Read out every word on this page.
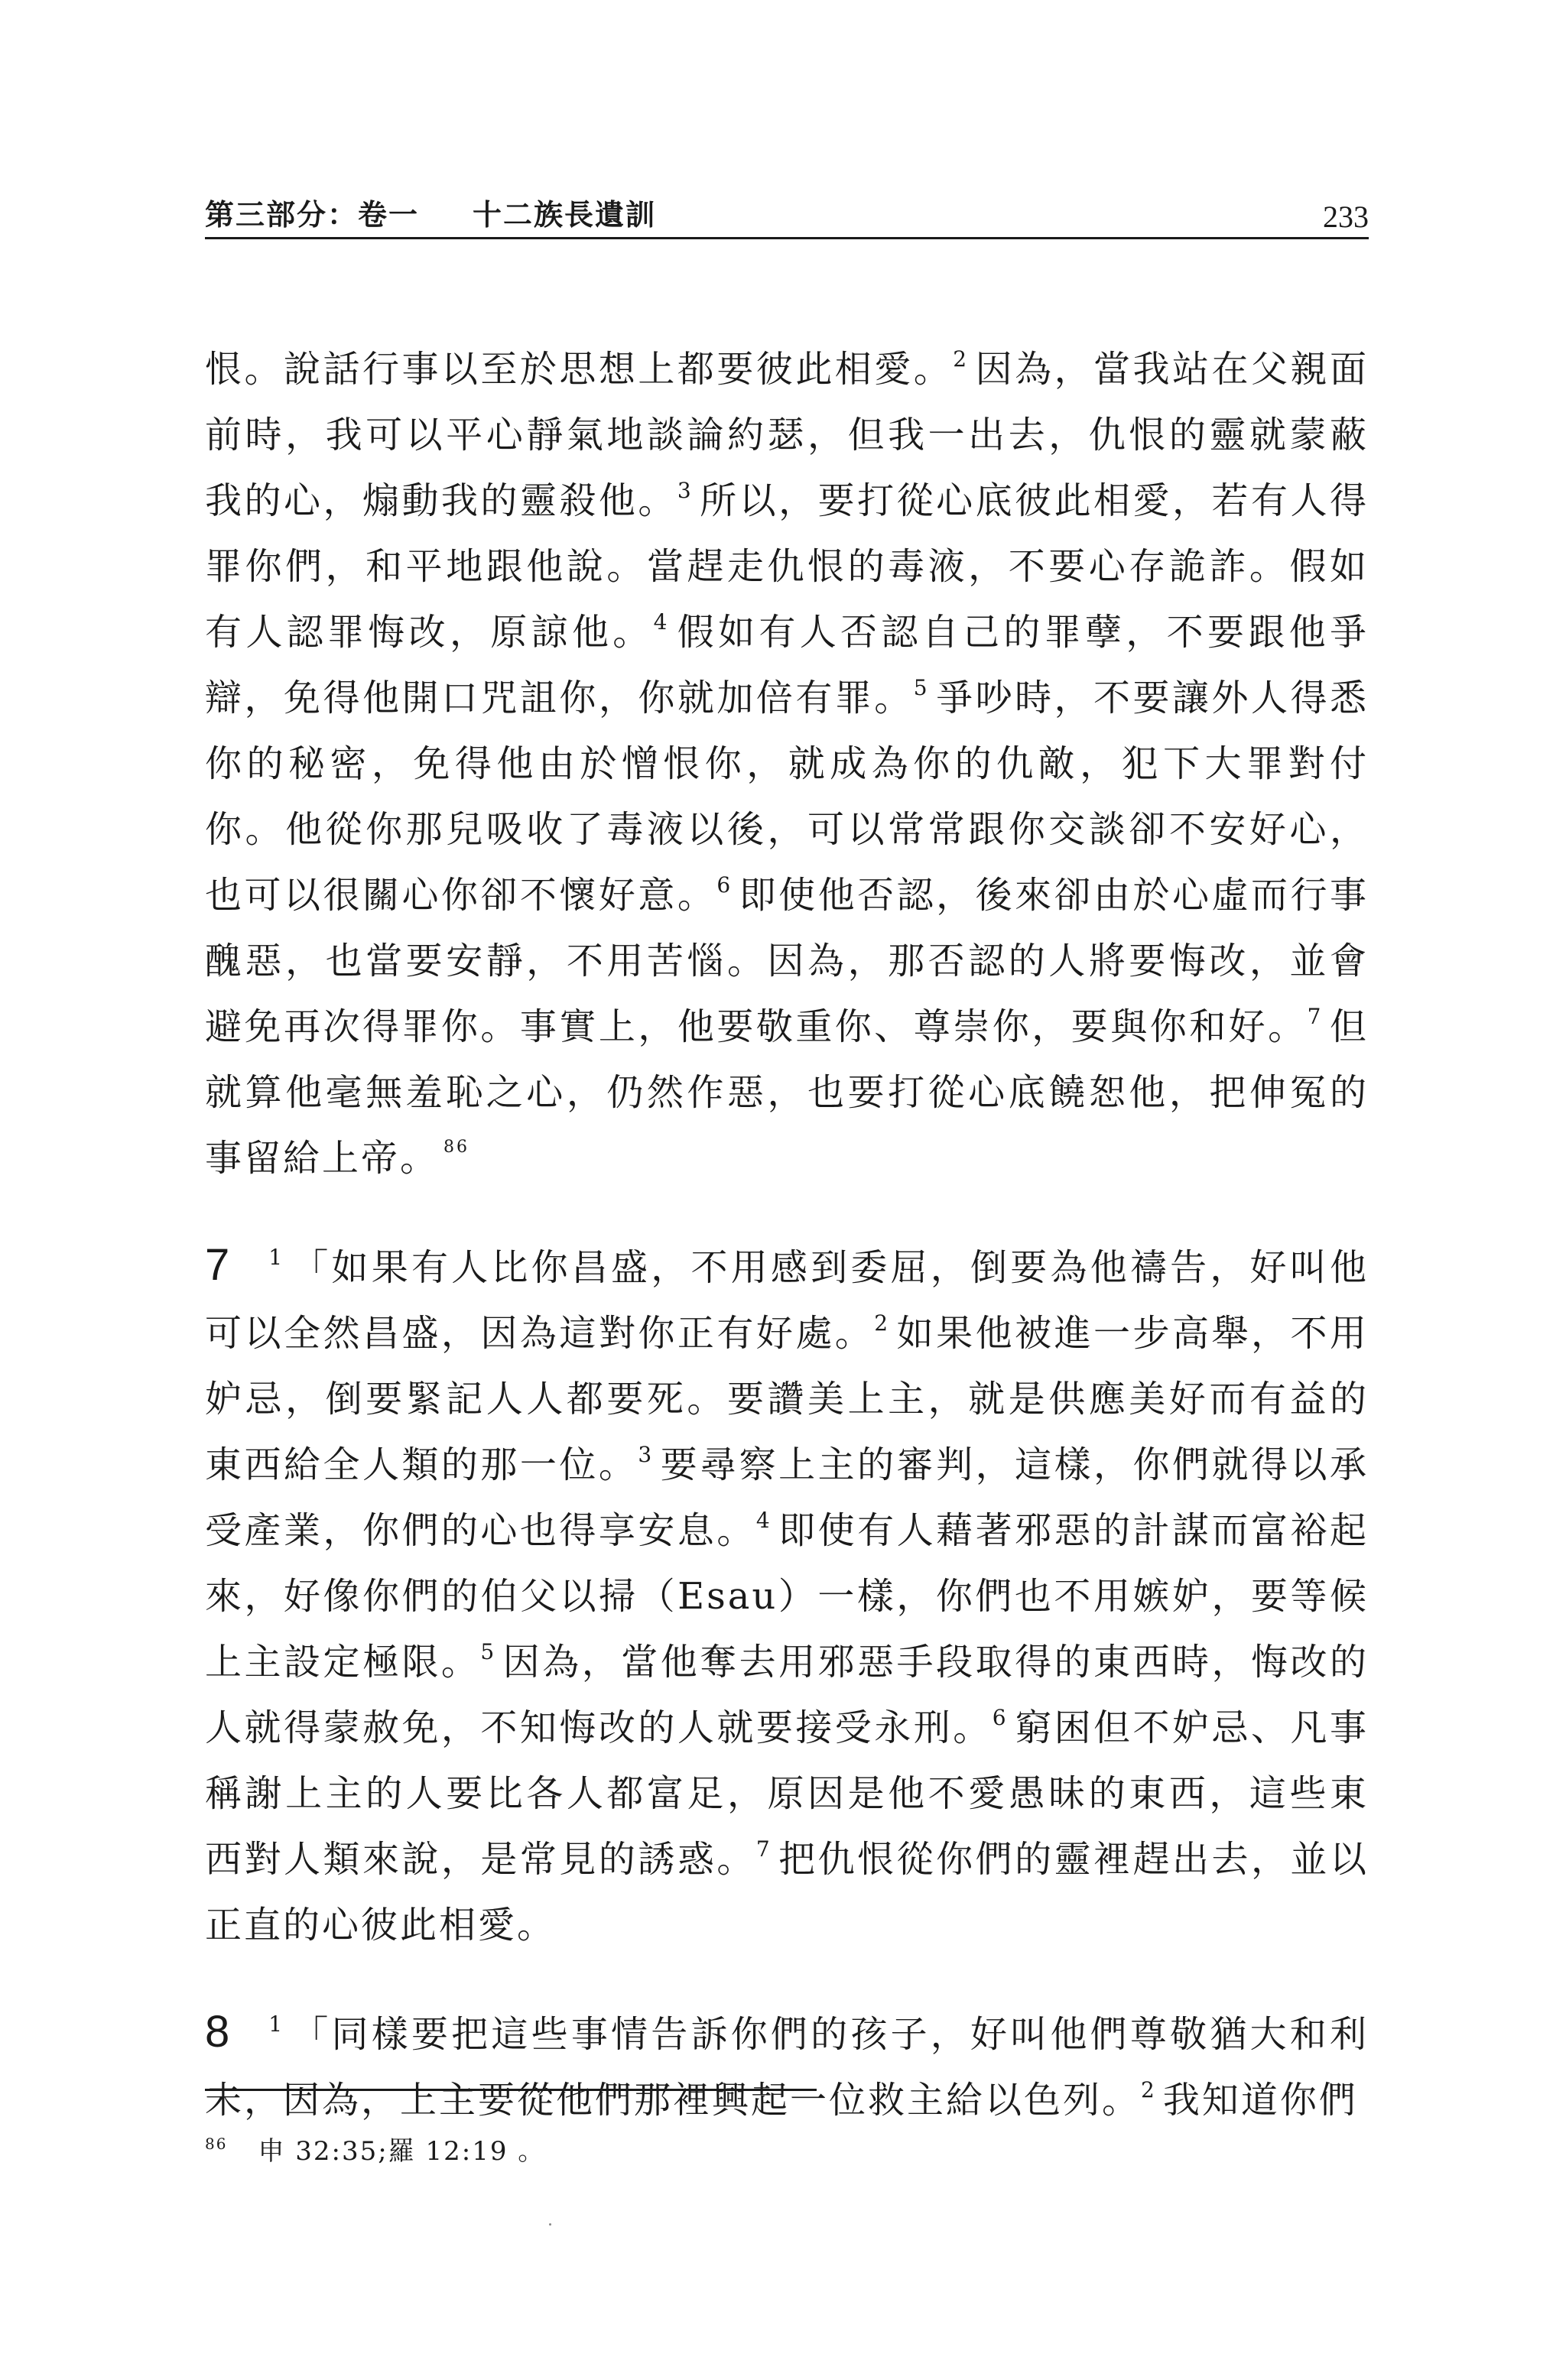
第三部分：卷一 十二族長遺訓	233

恨。說話行事以至於思想上都要彼此相愛。$^2$ 因為，當我站在父親面前時，我可以平心靜氣地談論約瑟，但我一出去，仇恨的靈就蒙蔽我的心，煽動我的靈殺他。$^3$ 所以，要打從心底彼此相愛，若有人得罪你們，和平地跟他說。當趕走仇恨的毒液，不要心存詭詐。假如有人認罪悔改，原諒他。$^4$ 假如有人否認自己的罪孽，不要跟他爭辯，免得他開口咒詛你，你就加倍有罪。$^5$ 爭吵時，不要讓外人得悉你的秘密，免得他由於憎恨你，就成為你的仇敵，犯下大罪對付你。他從你那兒吸收了毒液以後，可以常常跟你交談卻不安好心，也可以很關心你卻不懷好意。$^6$ 即使他否認，後來卻由於心虛而行事醜惡，也當要安靜，不用苦惱。因為，那否認的人將要悔改，並會避免再次得罪你。事實上，他要敬重你、尊崇你，要與你和好。$^7$ 但就算他毫無羞恥之心，仍然作惡，也要打從心底饒恕他，把伸冤的事留給上帝。 $^{86}$

7 $^1$ 「如果有人比你昌盛，不用感到委屈，倒要為他禱告，好叫他可以全然昌盛，因為這對你正有好處。$^2$ 如果他被進一步高舉，不用妒忌，倒要緊記人人都要死。要讚美上主，就是供應美好而有益的東西給全人類的那一位。$^3$ 要尋察上主的審判，這樣，你們就得以承受產業，你們的心也得享安息。$^4$ 即使有人藉著邪惡的計謀而富裕起來，好像你們的伯父以掃（Esau）一樣，你們也不用嫉妒，要等候上主設定極限。$^5$ 因為，當他奪去用邪惡手段取得的東西時，悔改的人就得蒙赦免，不知悔改的人就要接受永刑。$^6$ 窮困但不妒忌、凡事稱謝上主的人要比各人都富足，原因是他不愛愚昧的東西，這些東西對人類來說，是常見的誘惑。$^7$ 把仇恨從你們的靈裡趕出去，並以正直的心彼此相愛。

8 $^1$ 「同樣要把這些事情告訴你們的孩子，好叫他們尊敬猶大和利未，因為，上主要從他們那裡興起一位救主給以色列。$^2$ 我知道你們

$^{86}$ 申 32:35;羅 12:19 。
